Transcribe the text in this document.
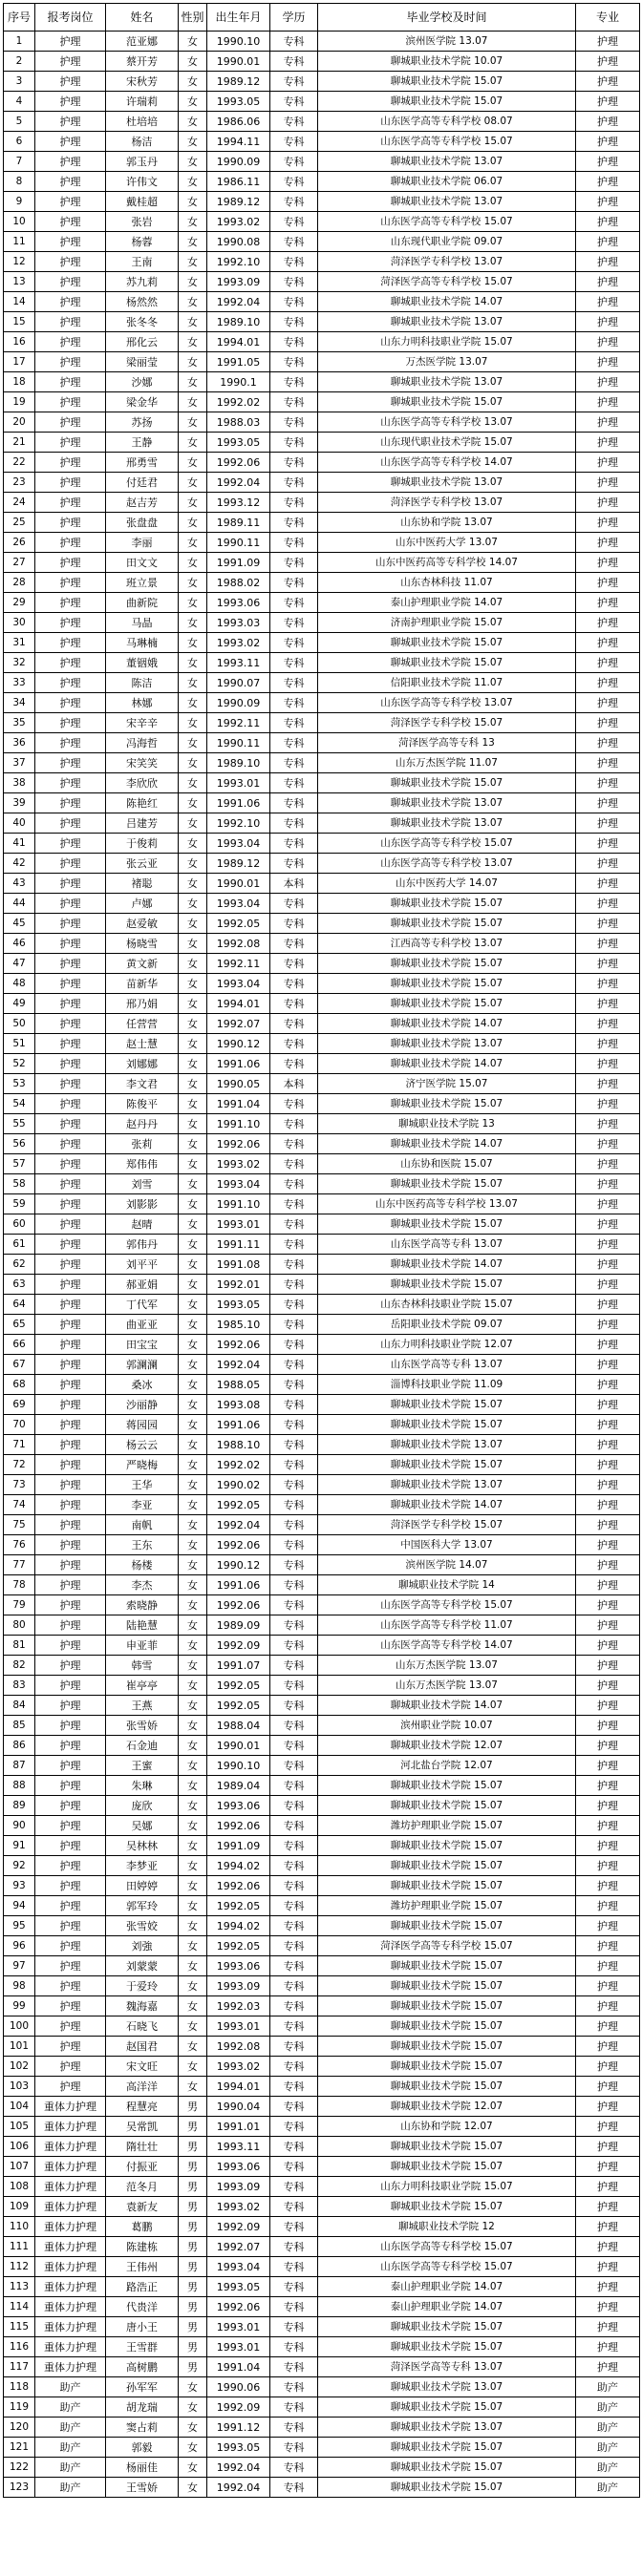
序号	报考岗位	姓名	性别	出生年月	学历	毕业学校及时间	专业
1	护理	范亚娜	女	1990.10	专科	滨州医学院 13.07	护理
2	护理	蔡开芳	女	1990.01	专科	聊城职业技术学院 10.07	护理
3	护理	宋秋芳	女	1989.12	专科	聊城职业技术学院 15.07	护理
4	护理	许瑞莉	女	1993.05	专科	聊城职业技术学院 15.07	护理
5	护理	杜培培	女	1986.06	专科	山东医学高等专科学校 08.07	护理
6	护理	杨洁	女	1994.11	专科	山东医学高等专科学校 15.07	护理
7	护理	郭玉丹	女	1990.09	专科	聊城职业技术学院 13.07	护理
8	护理	许伟文	女	1986.11	专科	聊城职业技术学院 06.07	护理
9	护理	戴桂超	女	1989.12	专科	聊城职业技术学院 13.07	护理
10	护理	张岩	女	1993.02	专科	山东医学高等专科学校 15.07	护理
11	护理	杨蓉	女	1990.08	专科	山东现代职业学院 09.07	护理
12	护理	王南	女	1992.10	专科	菏泽医学专科学校 13.07	护理
13	护理	苏九莉	女	1993.09	专科	菏泽医学高等专科学校 15.07	护理
14	护理	杨然然	女	1992.04	专科	聊城职业技术学院 14.07	护理
15	护理	张冬冬	女	1989.10	专科	聊城职业技术学院 13.07	护理
16	护理	邢化云	女	1994.01	专科	山东力明科技职业学院 15.07	护理
17	护理	梁丽莹	女	1991.05	专科	万杰医学院 13.07	护理
18	护理	沙娜	女	1990.1	专科	聊城职业技术学院 13.07	护理
19	护理	梁金华	女	1992.02	专科	聊城职业技术学院 15.07	护理
20	护理	苏扬	女	1988.03	专科	山东医学高等专科学校 13.07	护理
21	护理	王静	女	1993.05	专科	山东现代职业技术学院 15.07	护理
22	护理	邢勇雪	女	1992.06	专科	山东医学高等专科学校 14.07	护理
23	护理	付廷君	女	1992.04	专科	聊城职业技术学院 13.07	护理
24	护理	赵吉芳	女	1993.12	专科	菏泽医学专科学校 13.07	护理
25	护理	张盘盘	女	1989.11	专科	山东协和学院 13.07	护理
26	护理	李丽	女	1990.11	专科	山东中医药大学 13.07	护理
27	护理	田文文	女	1991.09	专科	山东中医药高等专科学校 14.07	护理
28	护理	班立景	女	1988.02	专科	山东杏林科技 11.07	护理
29	护理	曲新院	女	1993.06	专科	泰山护理职业学院 14.07	护理
30	护理	马晶	女	1993.03	专科	济南护理职业学院 15.07	护理
31	护理	马琳楠	女	1993.02	专科	聊城职业技术学院 15.07	护理
32	护理	董铟娥	女	1993.11	专科	聊城职业技术学院 15.07	护理
33	护理	陈洁	女	1990.07	专科	信阳职业技术学院 11.07	护理
34	护理	林娜	女	1990.09	专科	山东医学高等专科学校 13.07	护理
35	护理	宋辛辛	女	1992.11	专科	菏泽医学专科学校 15.07	护理
36	护理	冯海哲	女	1990.11	专科	菏泽医学高等专科 13	护理
37	护理	宋笑笑	女	1989.10	专科	山东万杰医学院 11.07	护理
38	护理	李欣欣	女	1993.01	专科	聊城职业技术学院 15.07	护理
39	护理	陈艳红	女	1991.06	专科	聊城职业技术学院 13.07	护理
40	护理	吕建芳	女	1992.10	专科	聊城职业技术学院 13.07	护理
41	护理	于俊莉	女	1993.04	专科	山东医学高等专科学校 15.07	护理
42	护理	张云亚	女	1989.12	专科	山东医学高等专科学校 13.07	护理
43	护理	褚聪	女	1990.01	本科	山东中医药大学 14.07	护理
44	护理	卢娜	女	1993.04	专科	聊城职业技术学院 15.07	护理
45	护理	赵爱敏	女	1992.05	专科	聊城职业技术学院 15.07	护理
46	护理	杨晓雪	女	1992.08	专科	江西高等专科学校 13.07	护理
47	护理	黄文新	女	1992.11	专科	聊城职业技术学院 15.07	护理
48	护理	苗新华	女	1993.04	专科	聊城职业技术学院 15.07	护理
49	护理	邢乃娟	女	1994.01	专科	聊城职业技术学院 15.07	护理
50	护理	任营营	女	1992.07	专科	聊城职业技术学院 14.07	护理
51	护理	赵士慧	女	1990.12	专科	聊城职业技术学院 13.07	护理
52	护理	刘娜娜	女	1991.06	专科	聊城职业技术学院 14.07	护理
53	护理	李文君	女	1990.05	本科	济宁医学院 15.07	护理
54	护理	陈俊平	女	1991.04	专科	聊城职业技术学院 15.07	护理
55	护理	赵丹丹	女	1991.10	专科	聊城职业技术学院 13	护理
56	护理	张莉	女	1992.06	专科	聊城职业技术学院 14.07	护理
57	护理	郑伟伟	女	1993.02	专科	山东协和医院 15.07	护理
58	护理	刘雪	女	1993.04	专科	聊城职业技术学院 15.07	护理
59	护理	刘影影	女	1991.10	专科	山东中医药高等专科学校 13.07	护理
60	护理	赵晴	女	1993.01	专科	聊城职业技术学院 15.07	护理
61	护理	郭伟丹	女	1991.11	专科	山东医学高等专科 13.07	护理
62	护理	刘平平	女	1991.08	专科	聊城职业技术学院 14.07	护理
63	护理	郝亚娟	女	1992.01	专科	聊城职业技术学院 15.07	护理
64	护理	丁代军	女	1993.05	专科	山东杏林科技职业学院 15.07	护理
65	护理	曲亚亚	女	1985.10	专科	岳阳职业技术学院 09.07	护理
66	护理	田宝宝	女	1992.06	专科	山东力明科技职业学院 12.07	护理
67	护理	郭澜澜	女	1992.04	专科	山东医学高等专科 13.07	护理
68	护理	桑冰	女	1988.05	专科	淄博科技职业学院 11.09	护理
69	护理	沙丽静	女	1993.08	专科	聊城职业技术学院 15.07	护理
70	护理	蒋园园	女	1991.06	专科	聊城职业技术学院 15.07	护理
71	护理	杨云云	女	1988.10	专科	聊城职业技术学院 13.07	护理
72	护理	严晓梅	女	1992.02	专科	聊城职业技术学院 15.07	护理
73	护理	王华	女	1990.02	专科	聊城职业技术学院 13.07	护理
74	护理	李亚	女	1992.05	专科	聊城职业技术学院 14.07	护理
75	护理	南帆	女	1992.04	专科	菏泽医学专科学校 15.07	护理
76	护理	王东	女	1992.06	专科	中国医科大学 13.07	护理
77	护理	杨楼	女	1990.12	专科	滨州医学院 14.07	护理
78	护理	李杰	女	1991.06	专科	聊城职业技术学院 14	护理
79	护理	索晓静	女	1992.06	专科	山东医学高等专科学校 15.07	护理
80	护理	陆艳慧	女	1989.09	专科	山东医学高等专科学校 11.07	护理
81	护理	申亚菲	女	1992.09	专科	山东医学高等专科学校 14.07	护理
82	护理	韩雪	女	1991.07	专科	山东万杰医学院 13.07	护理
83	护理	崔亭亭	女	1992.05	专科	山东万杰医学院 13.07	护理
84	护理	王燕	女	1992.05	专科	聊城职业技术学院 14.07	护理
85	护理	张雪娇	女	1988.04	专科	滨州职业学院 10.07	护理
86	护理	石金迪	女	1990.01	专科	聊城职业技术学院 12.07	护理
87	护理	王蜜	女	1990.10	专科	河北盐台学院 12.07	护理
88	护理	朱琳	女	1989.04	专科	聊城职业技术学院 15.07	护理
89	护理	庞欣	女	1993.06	专科	聊城职业技术学院 15.07	护理
90	护理	吴娜	女	1992.06	专科	潍坊护理职业学院 15.07	护理
91	护理	吴林林	女	1991.09	专科	聊城职业技术学院 15.07	护理
92	护理	李梦亚	女	1994.02	专科	聊城职业技术学院 15.07	护理
93	护理	田婷婷	女	1992.06	专科	聊城职业技术学院 15.07	护理
94	护理	郭军玲	女	1992.05	专科	潍坊护理职业学院 15.07	护理
95	护理	张雪姣	女	1994.02	专科	聊城职业技术学院 15.07	护理
96	护理	刘強	女	1992.05	专科	菏泽医学高等专科学校 15.07	护理
97	护理	刘蒙蒙	女	1993.06	专科	聊城职业技术学院 15.07	护理
98	护理	于爱玲	女	1993.09	专科	聊城职业技术学院 15.07	护理
99	护理	魏海嘉	女	1992.03	专科	聊城职业技术学院 15.07	护理
100	护理	石晓飞	女	1993.01	专科	聊城职业技术学院 15.07	护理
101	护理	赵国君	女	1992.08	专科	聊城职业技术学院 15.07	护理
102	护理	宋文旺	女	1993.02	专科	聊城职业技术学院 15.07	护理
103	护理	高洋洋	女	1994.01	专科	聊城职业技术学院 15.07	护理
104	重体力护理	程慧亮	男	1990.04	专科	聊城职业技术学院 12.07	护理
105	重体力护理	吴常凯	男	1991.01	专科	山东协和学院 12.07	护理
106	重体力护理	隋壮壮	男	1993.11	专科	聊城职业技术学院 15.07	护理
107	重体力护理	付振亚	男	1993.06	专科	聊城职业技术学院 15.07	护理
108	重体力护理	范冬月	男	1993.09	专科	山东力明科技职业学院 15.07	护理
109	重体力护理	袁新友	男	1993.02	专科	聊城职业技术学院 15.07	护理
110	重体力护理	葛鹏	男	1992.09	专科	聊城职业技术学院 12	护理
111	重体力护理	陈建栋	男	1992.07	专科	山东医学高等专科学校 15.07	护理
112	重体力护理	王伟州	男	1993.04	专科	山东医学高等专科学校 15.07	护理
113	重体力护理	路浩正	男	1993.05	专科	泰山护理职业学院 14.07	护理
114	重体力护理	代贵洋	男	1992.06	专科	泰山护理职业学院 14.07	护理
115	重体力护理	唐小王	男	1993.01	专科	聊城职业技术学院 15.07	护理
116	重体力护理	王雪群	男	1993.01	专科	聊城职业技术学院 15.07	护理
117	重体力护理	高树鹏	男	1991.04	专科	菏泽医学高等专科 13.07	护理
118	助产	孙军军	女	1990.06	专科	聊城职业技术学院 13.07	助产
119	助产	胡龙瑞	女	1992.09	专科	聊城职业技术学院 15.07	助产
120	助产	窦占莉	女	1991.12	专科	聊城职业技术学院 13.07	助产
121	助产	郭毅	女	1993.05	专科	聊城职业技术学院 15.07	助产
122	助产	杨丽佳	女	1992.04	专科	聊城职业技术学院 15.07	助产
123	助产	王雪娇	女	1992.04	专科	聊城职业技术学院 15.07	助产
